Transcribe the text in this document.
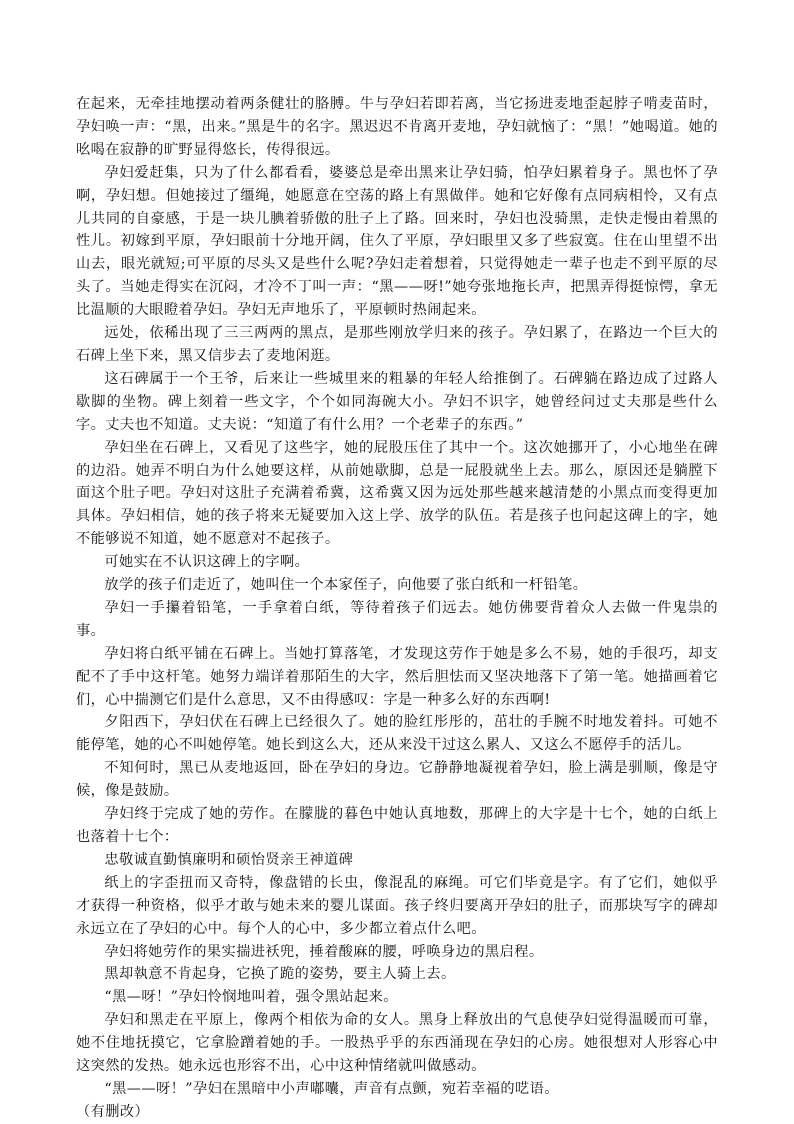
在起来，无牵挂地摆动着两条健壮的胳膊。牛与孕妇若即若离，当它扬进麦地歪起脖子啃麦苗时，孕妇唤一声：“黑，出来。”黑是牛的名字。黑迟迟不肯离开麦地，孕妇就恼了：“黑！”她喝道。她的吆喝在寂静的旷野显得悠长，传得很远。

孕妇爱赶集，只为了什么都看看，婆婆总是牵出黑来让孕妇骑，怕孕妇累着身子。黑也怀了孕啊，孕妇想。但她接过了缰绳，她愿意在空荡的路上有黑做伴。她和它好像有点同病相怜，又有点儿共同的自豪感，于是一块儿腆着骄傲的肚子上了路。回来时，孕妇也没骑黑，走快走慢由着黑的性儿。初嫁到平原，孕妇眼前十分地开阔，住久了平原，孕妇眼里又多了些寂寞。住在山里望不出山去，眼光就短;可平原的尽头又是些什么呢?孕妇走着想着，只觉得她走一辈子也走不到平原的尽头了。当她走得实在沉闷，才冷不丁叫一声：“黑——呀!”她夸张地拖长声，把黑弄得挺惊愕，拿无比温顺的大眼瞪着孕妇。孕妇无声地乐了，平原顿时热闹起来。

远处，依稀出现了三三两两的黑点，是那些刚放学归来的孩子。孕妇累了，在路边一个巨大的石碑上坐下来，黑又信步去了麦地闲逛。

这石碑属于一个王爷，后来让一些城里来的粗暴的年轻人给推倒了。石碑躺在路边成了过路人歇脚的坐物。碑上刻着一些文字，个个如同海碗大小。孕妇不识字，她曾经问过丈夫那是些什么字。丈夫也不知道。丈夫说：“知道了有什么用？一个老辈子的东西。”

孕妇坐在石碑上，又看见了这些字，她的屁股压住了其中一个。这次她挪开了，小心地坐在碑的边沿。她弄不明白为什么她要这样，从前她歇脚，总是一屁股就坐上去。那么，原因还是躺膛下面这个肚子吧。孕妇对这肚子充满着希冀，这希冀又因为远处那些越来越清楚的小黑点而变得更加具体。孕妇相信，她的孩子将来无疑要加入这上学、放学的队伍。若是孩子也问起这碑上的字，她不能够说不知道，她不愿意对不起孩子。

可她实在不认识这碑上的字啊。

放学的孩子们走近了，她叫住一个本家侄子，向他要了张白纸和一杆铅笔。

孕妇一手攥着铅笔，一手拿着白纸，等待着孩子们远去。她仿佛要背着众人去做一件鬼祟的事。

孕妇将白纸平铺在石碑上。当她打算落笔，才发现这劳作于她是多么不易，她的手很巧，却支配不了手中这杆笔。她努力端详着那陌生的大字，然后胆怯而又坚决地落下了第一笔。她描画着它们，心中揣测它们是什么意思，又不由得感叹：字是一种多么好的东西啊!

夕阳西下，孕妇伏在石碑上已经很久了。她的脸红彤彤的，茁壮的手腕不时地发着抖。可她不能停笔，她的心不叫她停笔。她长到这么大，还从来没干过这么累人、又这么不愿停手的活儿。

不知何时，黑已从麦地返回，卧在孕妇的身边。它静静地凝视着孕妇，脸上满是驯顺，像是守候，像是鼓励。

孕妇终于完成了她的劳作。在朦胧的暮色中她认真地数，那碑上的大字是十七个，她的白纸上也落着十七个：

忠敬诚直勤慎廉明和硕怡贤亲王神道碑

纸上的字歪扭而又奇特，像盘错的长虫，像混乱的麻绳。可它们毕竟是字。有了它们，她似乎才获得一种资格，似乎才敢与她未来的婴儿谋面。孩子终归要离开孕妇的肚子，而那块写字的碑却永远立在了孕妇的心中。每个人的心中，多少都立着点什么吧。

孕妇将她劳作的果实揣进袄兜，捶着酸麻的腰，呼唤身边的黑启程。

黑却執意不肯起身，它换了跪的姿势，要主人骑上去。

“黑—呀！”孕妇怜悯地叫着，强令黑站起来。

孕妇和黑走在平原上，像两个相依为命的女人。黑身上释放出的气息使孕妇觉得温暖而可靠，她不住地抚摸它，它拿脸蹭着她的手。一股热乎乎的东西涌现在孕妇的心房。她很想对人形容心中这突然的发热。她永远也形容不出，心中这种情绪就叫做感动。

“黑——呀！”孕妇在黑暗中小声嘟囔，声音有点颤，宛若幸福的呓语。

（有删改）
